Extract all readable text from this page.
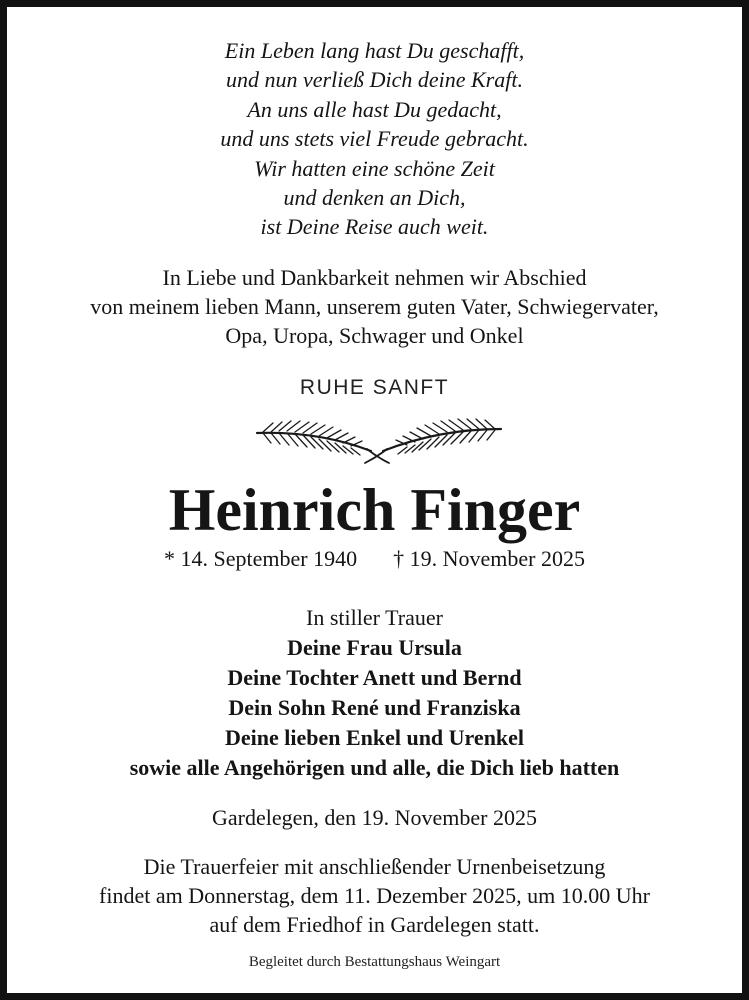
Ein Leben lang hast Du geschafft,
und nun verließ Dich deine Kraft.
An uns alle hast Du gedacht,
und uns stets viel Freude gebracht.
Wir hatten eine schöne Zeit
und denken an Dich,
ist Deine Reise auch weit.
In Liebe und Dankbarkeit nehmen wir Abschied
von meinem lieben Mann, unserem guten Vater, Schwiegervater,
Opa, Uropa, Schwager und Onkel
RUHE SANFT
Heinrich Finger
* 14. September 1940 † 19. November 2025
In stiller Trauer
Deine Frau Ursula
Deine Tochter Anett und Bernd
Dein Sohn René und Franziska
Deine lieben Enkel und Urenkel
sowie alle Angehörigen und alle, die Dich lieb hatten
Gardelegen, den 19. November 2025
Die Trauerfeier mit anschließender Urnenbeisetzung
findet am Donnerstag, dem 11. Dezember 2025, um 10.00 Uhr
auf dem Friedhof in Gardelegen statt.
Begleitet durch Bestattungshaus Weingart
